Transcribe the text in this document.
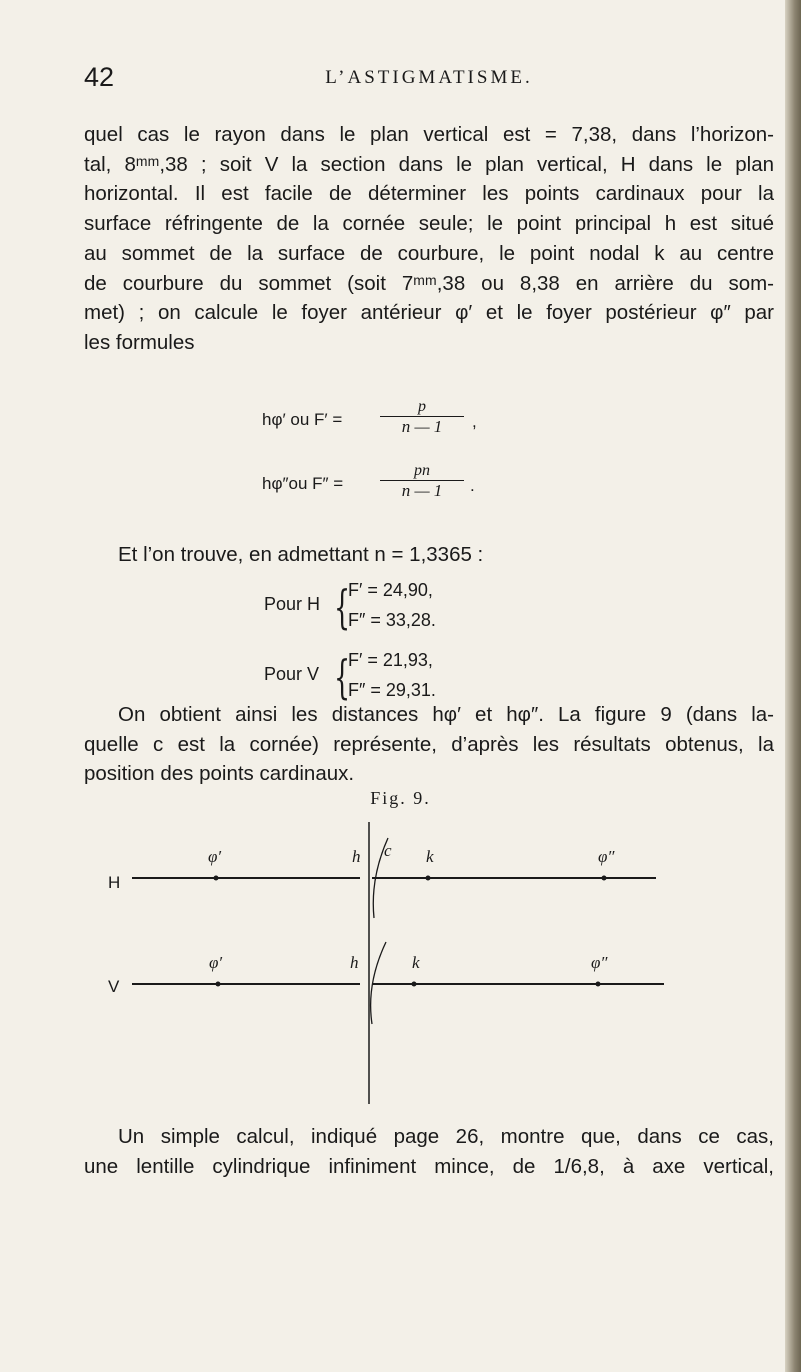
42	L’ASTIGMATISME.
quel cas le rayon dans le plan vertical est = 7,38, dans l’horizon-
tal, 8ᵐᵐ,38 ; soit V la section dans le plan vertical, H dans le plan
horizontal. Il est facile de déterminer les points cardinaux pour la
surface réfringente de la cornée seule; le point principal h est situé
au sommet de la surface de courbure, le point nodal k au centre
de courbure du sommet (soit 7ᵐᵐ,38 ou 8,38 en arrière du som-
met) ; on calcule le foyer antérieur φ′ et le foyer postérieur φ″ par
les formules
hφ′ ou $F' = \frac{p}{n — 1}$ ,
hφ″ou $F'' = \frac{pn}{n — 1}$ .
Et l’on trouve, en admettant n = 1,3365 :
Pour H {
F′ = 24,90,
F″ = 33,28.
Pour V {
F′ = 21,93,
F″ = 29,31.
On obtient ainsi les distances hφ′ et hφ″. La figure 9 (dans la-
quelle c est la cornée) représente, d’après les résultats obtenus, la
position des points cardinaux.
Fig. 9.
H
φ′	h c k	φ″
V
φ′	h	k	φ″
Un simple calcul, indiqué page 26, montre que, dans ce cas,
une lentille cylindrique infiniment mince, de 1/6,8, à axe vertical,
